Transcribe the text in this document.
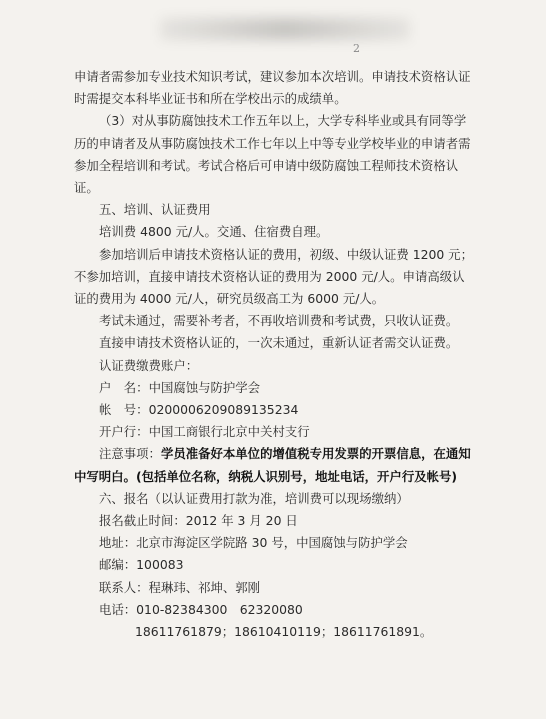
2

申请者需参加专业技术知识考试，建议参加本次培训。申请技术资格认证时需提交本科毕业证书和所在学校出示的成绩单。

（3）对从事防腐蚀技术工作五年以上，大学专科毕业或具有同等学历的申请者及从事防腐蚀技术工作七年以上中等专业学校毕业的申请者需参加全程培训和考试。考试合格后可申请中级防腐蚀工程师技术资格认证。

五、培训、认证费用

培训费 4800 元/人。交通、住宿费自理。

参加培训后申请技术资格认证的费用，初级、中级认证费 1200 元；不参加培训，直接申请技术资格认证的费用为 2000 元/人。申请高级认证的费用为 4000 元/人，研究员级高工为 6000 元/人。

考试未通过，需要补考者，不再收培训费和考试费，只收认证费。

直接申请技术资格认证的，一次未通过，重新认证者需交认证费。

认证费缴费账户：

户　名：中国腐蚀与防护学会

帐　号：0200006209089135234

开户行：中国工商银行北京中关村支行

注意事项：学员准备好本单位的增值税专用发票的开票信息，在通知中写明白。(包括单位名称，纳税人识别号，地址电话，开户行及帐号)

六、报名（以认证费用打款为准，培训费可以现场缴纳）

报名截止时间：2012 年 3 月 20 日

地址：北京市海淀区学院路 30 号，中国腐蚀与防护学会

邮编：100083

联系人：程琳玮、祁坤、郭刚

电话：010-82384300　62320080

18611761879；18610410119；18611761891。
